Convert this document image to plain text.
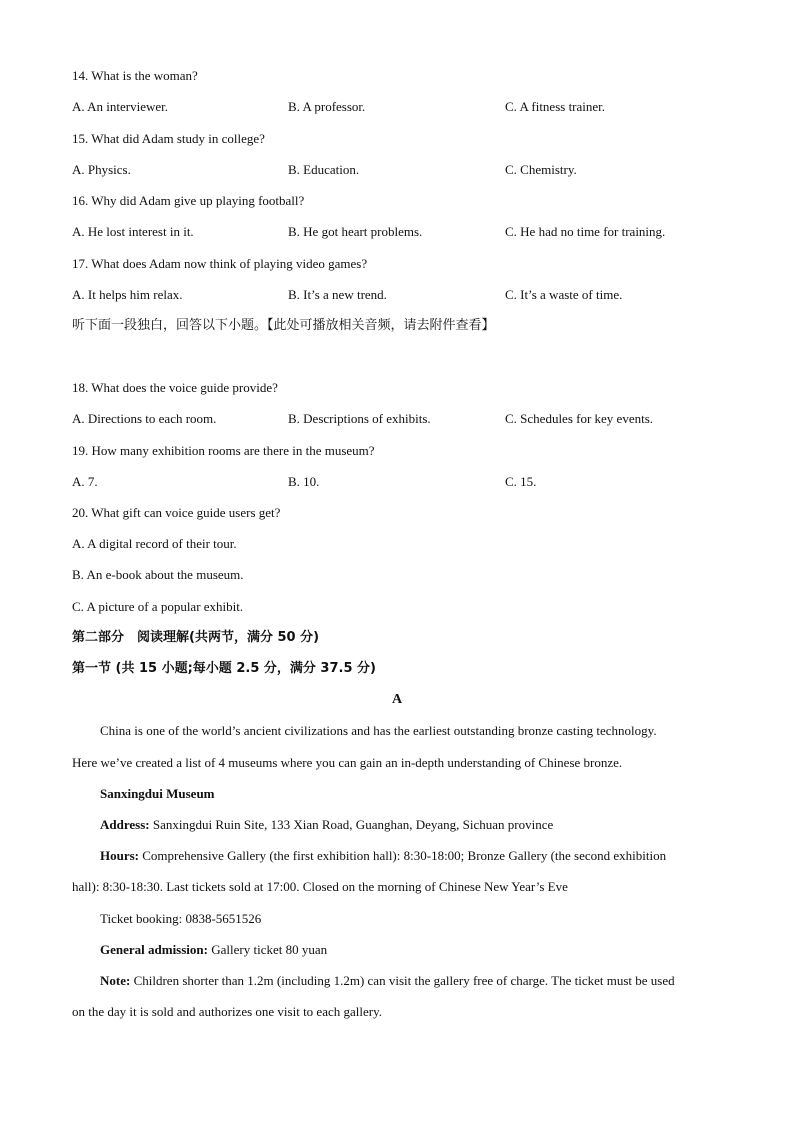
14. What is the woman?
A. An interviewer.	B. A professor.	C. A fitness trainer.
15. What did Adam study in college?
A. Physics.	B. Education.	C. Chemistry.
16. Why did Adam give up playing football?
A. He lost interest in it.	B. He got heart problems.	C. He had no time for training.
17. What does Adam now think of playing video games?
A. It helps him relax.	B. It’s a new trend.	C. It’s a waste of time.
听下面一段独白，回答以下小题。【此处可播放相关音频，请去附件查看】
18. What does the voice guide provide?
A. Directions to each room.	B. Descriptions of exhibits.	C. Schedules for key events.
19. How many exhibition rooms are there in the museum?
A. 7.	B. 10.	C. 15.
20. What gift can voice guide users get?
A. A digital record of their tour.
B. An e-book about the museum.
C. A picture of a popular exhibit.
第二部分　阅读理解(共两节，满分 50 分)
第一节 (共 15 小题;每小题 2.5 分，满分 37.5 分)
A
China is one of the world’s ancient civilizations and has the earliest outstanding bronze casting technology.
Here we’ve created a list of 4 museums where you can gain an in-depth understanding of Chinese bronze.
Sanxingdui Museum
Address: Sanxingdui Ruin Site, 133 Xian Road, Guanghan, Deyang, Sichuan province
Hours: Comprehensive Gallery (the first exhibition hall): 8:30-18:00; Bronze Gallery (the second exhibition
hall): 8:30-18:30. Last tickets sold at 17:00. Closed on the morning of Chinese New Year’s Eve
Ticket booking: 0838-5651526
General admission: Gallery ticket 80 yuan
Note: Children shorter than 1.2m (including 1.2m) can visit the gallery free of charge. The ticket must be used
on the day it is sold and authorizes one visit to each gallery.
